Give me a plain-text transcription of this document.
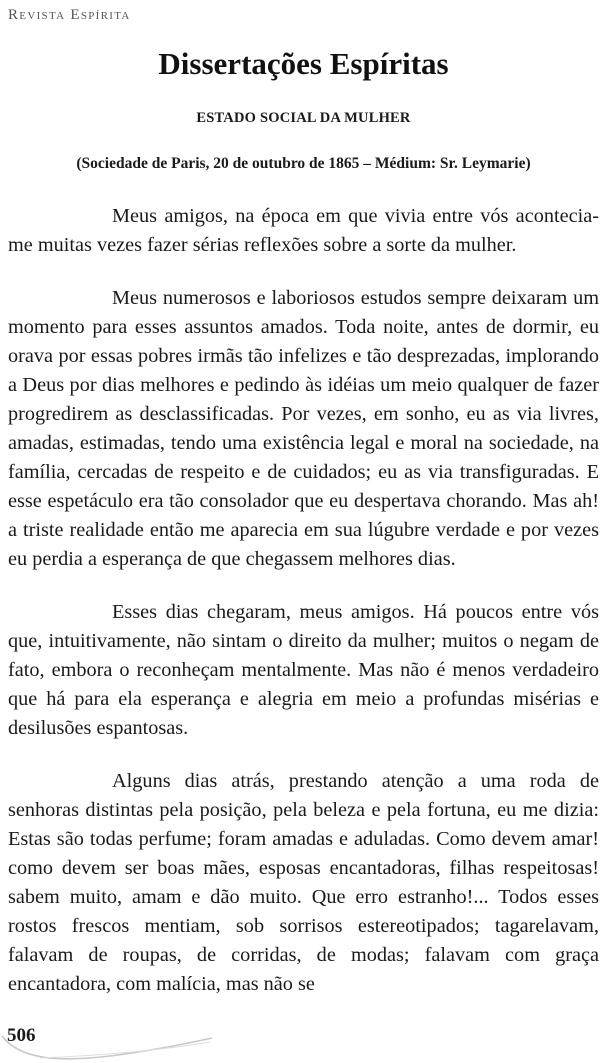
Revista Espírita
Dissertações Espíritas
ESTADO SOCIAL DA MULHER
(Sociedade de Paris, 20 de outubro de 1865 – Médium: Sr. Leymarie)

Meus amigos, na época em que vivia entre vós acontecia-me muitas vezes fazer sérias reflexões sobre a sorte da mulher.

Meus numerosos e laboriosos estudos sempre deixaram um momento para esses assuntos amados. Toda noite, antes de dormir, eu orava por essas pobres irmãs tão infelizes e tão desprezadas, implorando a Deus por dias melhores e pedindo às idéias um meio qualquer de fazer progredirem as desclassificadas. Por vezes, em sonho, eu as via livres, amadas, estimadas, tendo uma existência legal e moral na sociedade, na família, cercadas de respeito e de cuidados; eu as via transfiguradas. E esse espetáculo era tão consolador que eu despertava chorando. Mas ah! a triste realidade então me aparecia em sua lúgubre verdade e por vezes eu perdia a esperança de que chegassem melhores dias.

Esses dias chegaram, meus amigos. Há poucos entre vós que, intuitivamente, não sintam o direito da mulher; muitos o negam de fato, embora o reconheçam mentalmente. Mas não é menos verdadeiro que há para ela esperança e alegria em meio a profundas misérias e desilusões espantosas.

Alguns dias atrás, prestando atenção a uma roda de senhoras distintas pela posição, pela beleza e pela fortuna, eu me dizia: Estas são todas perfume; foram amadas e aduladas. Como devem amar! como devem ser boas mães, esposas encantadoras, filhas respeitosas! sabem muito, amam e dão muito. Que erro estranho!... Todos esses rostos frescos mentiam, sob sorrisos estereotipados; tagarelavam, falavam de roupas, de corridas, de modas; falavam com graça encantadora, com malícia, mas não se

506
